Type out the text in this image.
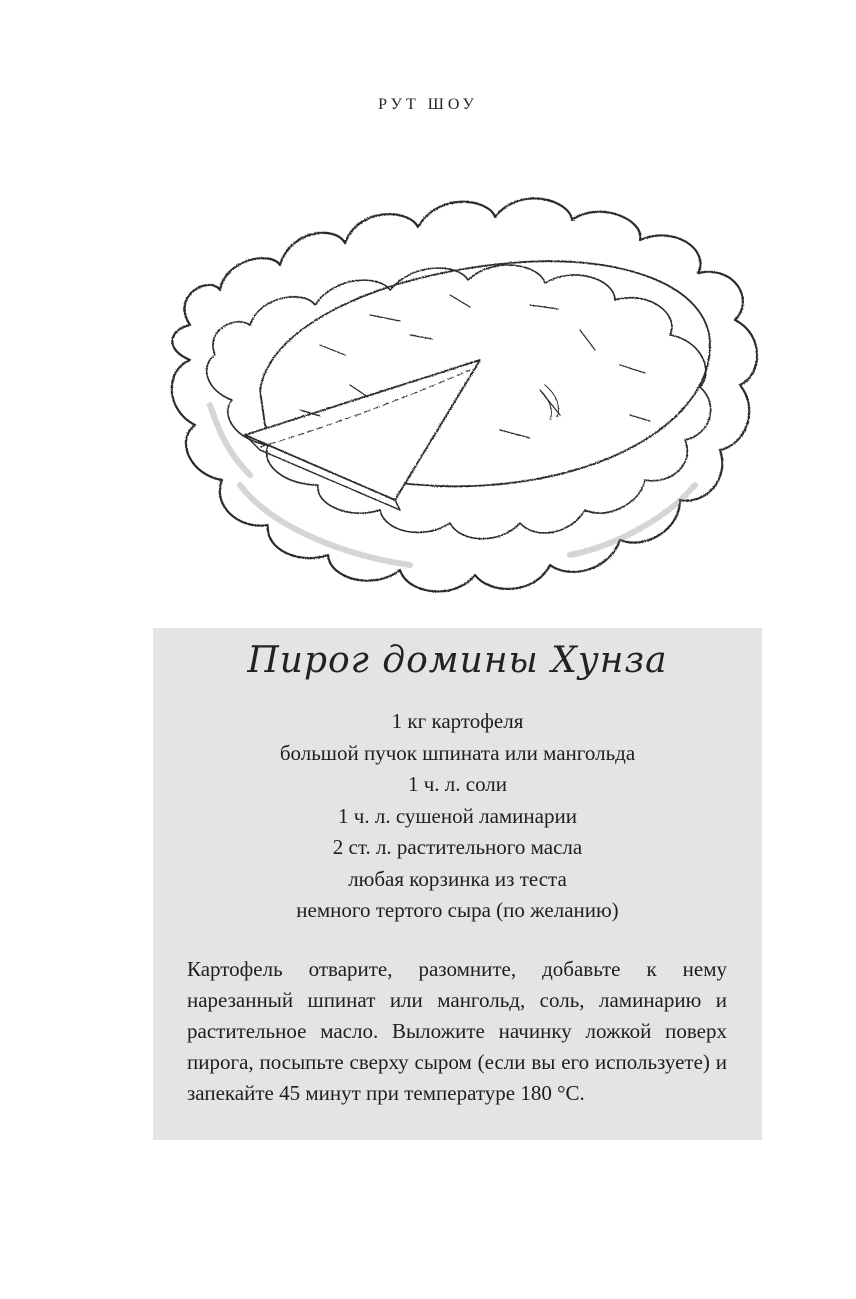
РУТ ШОУ
Пирог домины Хунза
1 кг картофеля
большой пучок шпината или мангольда
1 ч. л. соли
1 ч. л. сушеной ламинарии
2 ст. л. растительного масла
любая корзинка из теста
немного тертого сыра (по желанию)

Картофель отварите, разомните, добавьте к нему нарезанный шпинат или мангольд, соль, ламинарию и растительное масло. Выложите начинку ложкой поверх пирога, посыпьте сверху сыром (если вы его используете) и запекайте 45 минут при температуре 180 °C.
